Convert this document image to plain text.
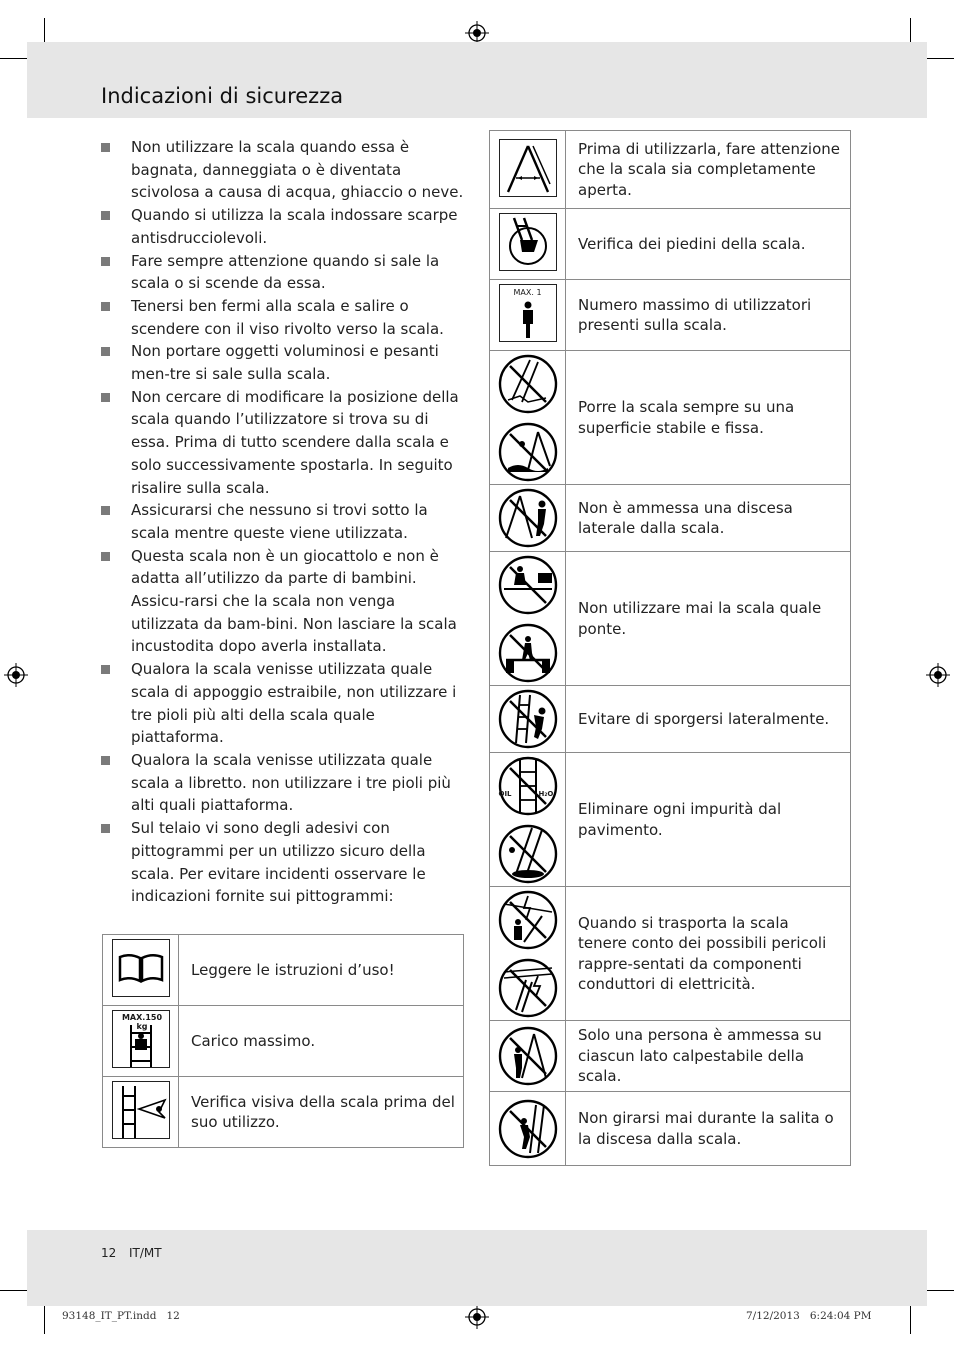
Indicazioni di sicurezza
Non utilizzare la scala quando essa è bagnata, danneggiata o è diventata scivolosa a causa di acqua, ghiaccio o neve.
Quando si utilizza la scala indossare scarpe antisdrucciolevoli.
Fare sempre attenzione quando si sale la scala o si scende da essa.
Tenersi ben fermi alla scala e salire o scendere con il viso rivolto verso la scala.
Non portare oggetti voluminosi e pesanti men-tre si sale sulla scala.
Non cercare di modificare la posizione della scala quando l’utilizzatore si trova su di essa. Prima di tutto scendere dalla scala e solo successivamente spostarla. In seguito risalire sulla scala.
Assicurarsi che nessuno si trovi sotto la scala mentre queste viene utilizzata.
Questa scala non è un giocattolo e non è adatta all’utilizzo da parte di bambini. Assicu-rarsi che la scala non venga utilizzata da bam-bini. Non lasciare la scala incustodita dopo averla installata.
Qualora la scala venisse utilizzata quale scala di appoggio estraibile, non utilizzare i tre pioli più alti della scala quale piattaforma.
Qualora la scala venisse utilizzata quale scala a libretto. non utilizzare i tre pioli più alti quali piattaforma.
Sul telaio vi sono degli adesivi con pittogrammi per un utilizzo sicuro della scala. Per evitare incidenti osservare le indicazioni fornite sui pittogrammi:
	Leggere le istruzioni d’uso!

MAX.150 kg	Carico massimo.

	Verifica visiva della scala prima del suo utilizzo.
	Prima di utilizzarla, fare attenzione che la scala sia completamente aperta.

	Verifica dei piedini della scala.

MAX. 1	Numero massimo di utilizzatori presenti sulla scala.

	Porre la scala sempre su una superficie stabile e fissa.

	Non è ammessa una discesa laterale dalla scala.

	Non utilizzare mai la scala quale ponte.

	Evitare di sporgersi lateralmente.

OIL H₂O	Eliminare ogni impurità dal pavimento.

	Quando si trasporta la scala tenere conto dei possibili pericoli rappre-sentati da componenti conduttori di elettricità.

	Solo una persona è ammessa su ciascun lato calpestabile della scala.

	Non girarsi mai durante la salita o la discesa dalla scala.
12 IT/MT
93148_IT_PT.indd   12	7/12/2013   6:24:04 PM
